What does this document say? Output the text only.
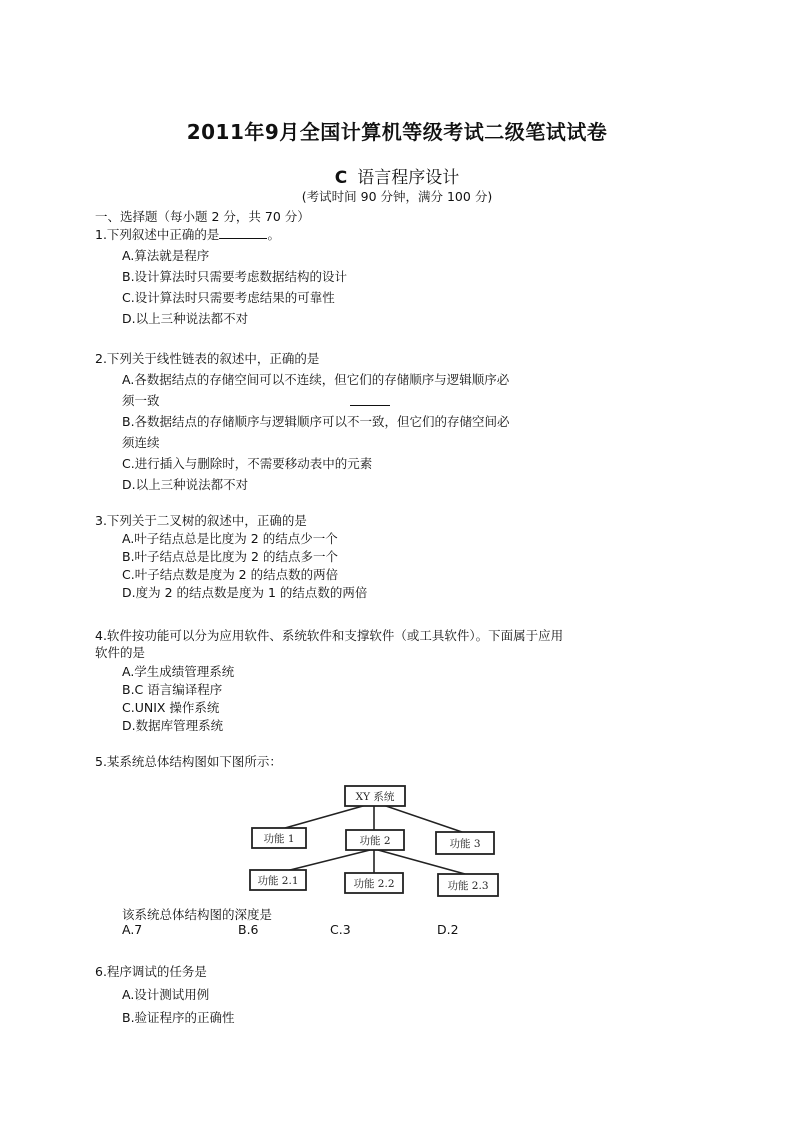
2011年9月全国计算机等级考试二级笔试试卷
C 语言程序设计
(考试时间 90 分钟，满分 100 分)
一、选择题（每小题 2 分，共 70 分）
1.下列叙述中正确的是	。
A.算法就是程序
B.设计算法时只需要考虑数据结构的设计
C.设计算法时只需要考虑结果的可靠性
D.以上三种说法都不对
2.下列关于线性链表的叙述中，正确的是
A.各数据结点的存储空间可以不连续，但它们的存储顺序与逻辑顺序必
须一致
B.各数据结点的存储顺序与逻辑顺序可以不一致，但它们的存储空间必
须连续
C.进行插入与删除时，不需要移动表中的元素
D.以上三种说法都不对
3.下列关于二叉树的叙述中，正确的是
A.叶子结点总是比度为 2 的结点少一个
B.叶子结点总是比度为 2 的结点多一个
C.叶子结点数是度为 2 的结点数的两倍
D.度为 2 的结点数是度为 1 的结点数的两倍
4.软件按功能可以分为应用软件、系统软件和支撑软件（或工具软件）。下面属于应用
软件的是
A.学生成绩管理系统
B.C 语言编译程序
C.UNIX 操作系统
D.数据库管理系统
5.某系统总体结构图如下图所示：
XY 系统
功能 1	功能 2	功能 3
功能 2.1	功能 2.2	功能 2.3
该系统总体结构图的深度是
A.7	B.6	C.3	D.2
6.程序调试的任务是
A.设计测试用例
B.验证程序的正确性
